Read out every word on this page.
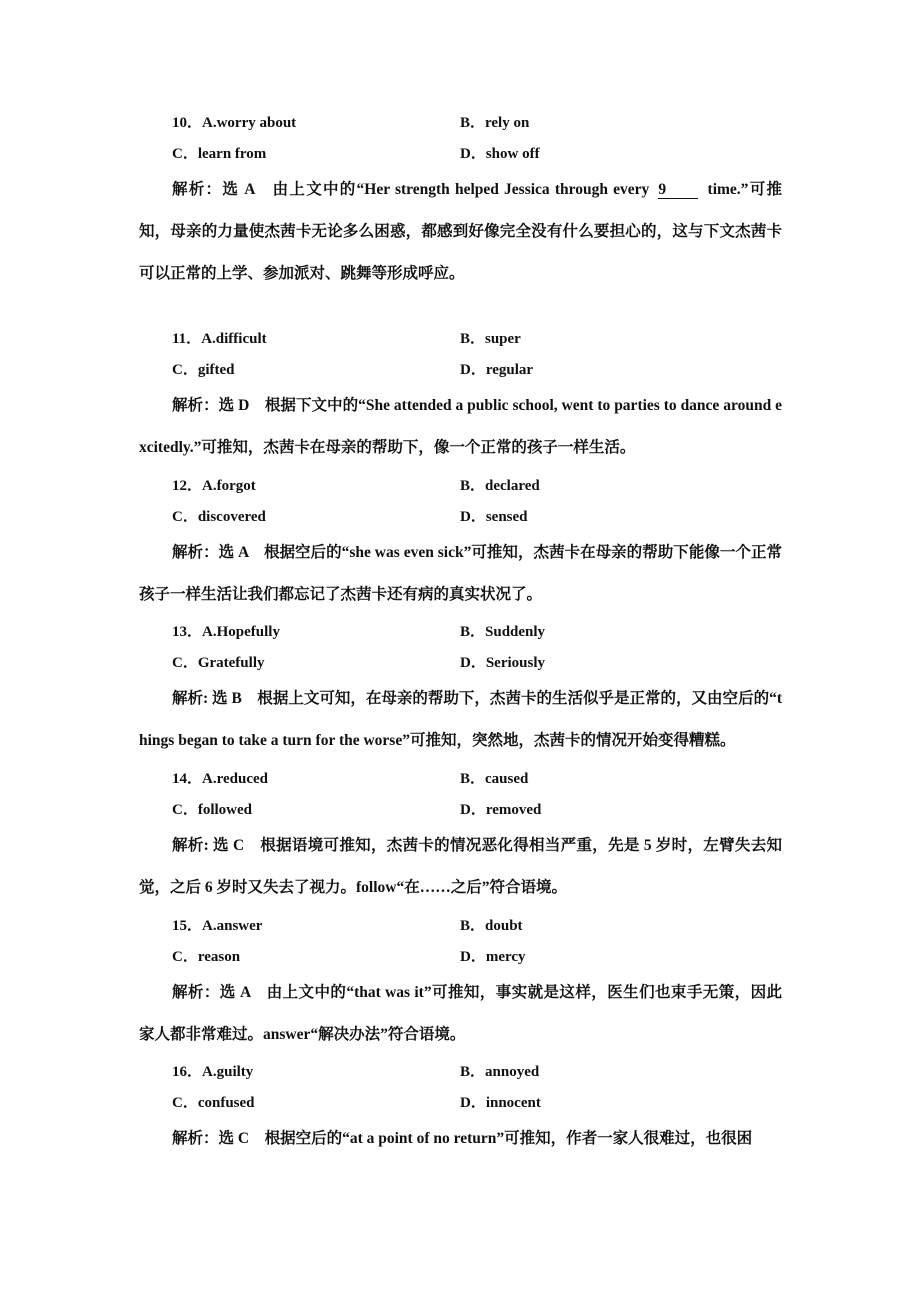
10．A.worry about	B．rely on
C．learn from	D．show off
解析：选 A　由上文中的“Her strength helped Jessica through every 9 time.”可推知，母亲的力量使杰茜卡无论多么困惑，都感到好像完全没有什么要担心的，这与下文杰茜卡可以正常的上学、参加派对、跳舞等形成呼应。
11．A.difficult	B．super
C．gifted	D．regular
解析：选 D　根据下文中的“She attended a public school, went to parties to dance around excitedly.”可推知，杰茜卡在母亲的帮助下，像一个正常的孩子一样生活。
12．A.forgot	B．declared
C．discovered	D．sensed
解析：选 A　根据空后的“she was even sick”可推知，杰茜卡在母亲的帮助下能像一个正常孩子一样生活让我们都忘记了杰茜卡还有病的真实状况了。
13．A.Hopefully	B．Suddenly
C．Gratefully	D．Seriously
解析: 选 B　根据上文可知，在母亲的帮助下，杰茜卡的生活似乎是正常的，又由空后的“things began to take a turn for the worse”可推知，突然地，杰茜卡的情况开始变得糟糕。
14．A.reduced	B．caused
C．followed	D．removed
解析: 选 C　根据语境可推知，杰茜卡的情况恶化得相当严重，先是 5 岁时，左臂失去知觉，之后 6 岁时又失去了视力。follow“在……之后”符合语境。
15．A.answer	B．doubt
C．reason	D．mercy
解析：选 A　由上文中的“that was it”可推知，事实就是这样，医生们也束手无策，因此家人都非常难过。answer“解决办法”符合语境。
16．A.guilty	B．annoyed
C．confused	D．innocent
解析：选 C　根据空后的“at a point of no return”可推知，作者一家人很难过，也很困
